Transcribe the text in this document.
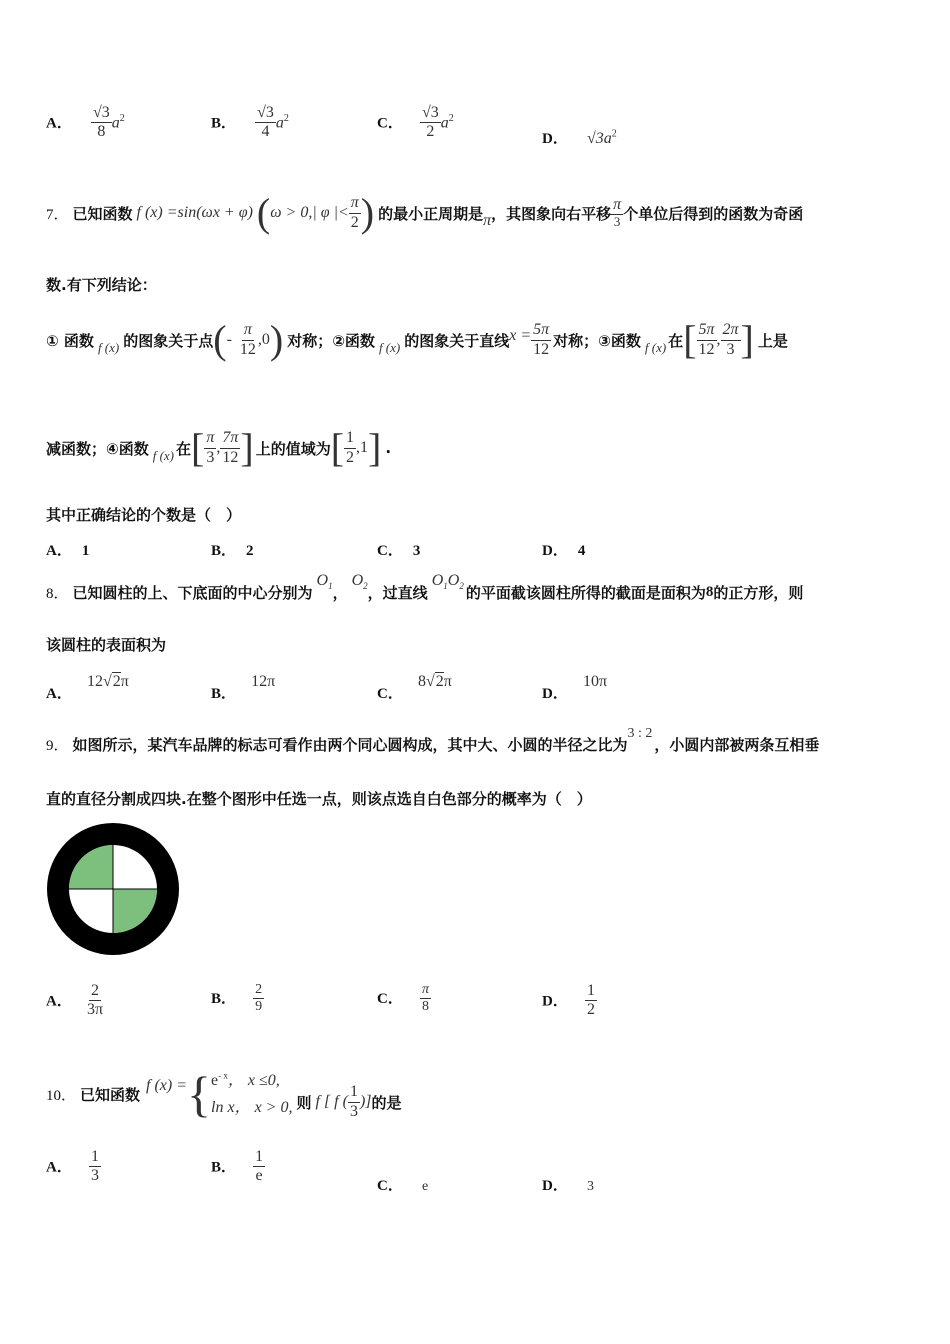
A． $\frac{√3}{8} a^2$	B． $\frac{√3}{4} a^2$	C． $\frac{√3}{2} a^2$
D． $√3a^2$
7． 已知函数 f (x) =sin(ωx + φ) ( ω > 0,| φ |< $\frac{\pi}{2}$ ) 的最小正周期是 π ，其图象向右平移 $\frac{\pi}{3}$ 个单位后得到的函数为奇函
数.有下列结论：
① 函数 f (x) 的图象关于点 ( - $\frac{\pi}{12} ,0$ ) 对称；②函数 f (x) 的图象关于直线 $x = \frac{5\pi}{12}$ 对称；③函数 f (x) 在 [ $\frac{5\pi}{12}$ , $\frac{2\pi}{3}$ ] 上是
减函数；④函数 f (x) 在 [ $\frac{\pi}{3}$ , $\frac{7\pi}{12}$ ] 上的值域为 [ $\frac{1}{2} ,1$ ] .
其中正确结论的个数是（　）
A． 1	B． 2	C． 3	D． 4
8． 已知圆柱的上、下底面的中心分别为
$O_1$ ，
$O_2$ ，过直线
$O_1O_2$ 的平面截该圆柱所得的截面是面积为 8 的正方形，则
该圆柱的表面积为
A． 12√2π
B． 12π
C． 8√2π
D． 10π
9． 如图所示，某汽车品牌的标志可看作由两个同心圆构成，其中大、小圆的半径之比为
3 : 2
，小圆内部被两条互相垂
直的直径分割成四块.在整个图形中任选一点，则该点选自白色部分的概率为（　）
A． $\frac{2}{3\pi}$	B． $\frac{2}{9}$	C． $\frac{\pi}{8}$	D． $\frac{1}{2}$
10． 已知函数 f (x) = { $e^{- x}$， x ≤0,
ln x， x > 0, 则 f [ f ( $\frac{1}{3}$ )] 的是
A． $\frac{1}{3}$	B． $\frac{1}{e}$
C． e	D． 3
